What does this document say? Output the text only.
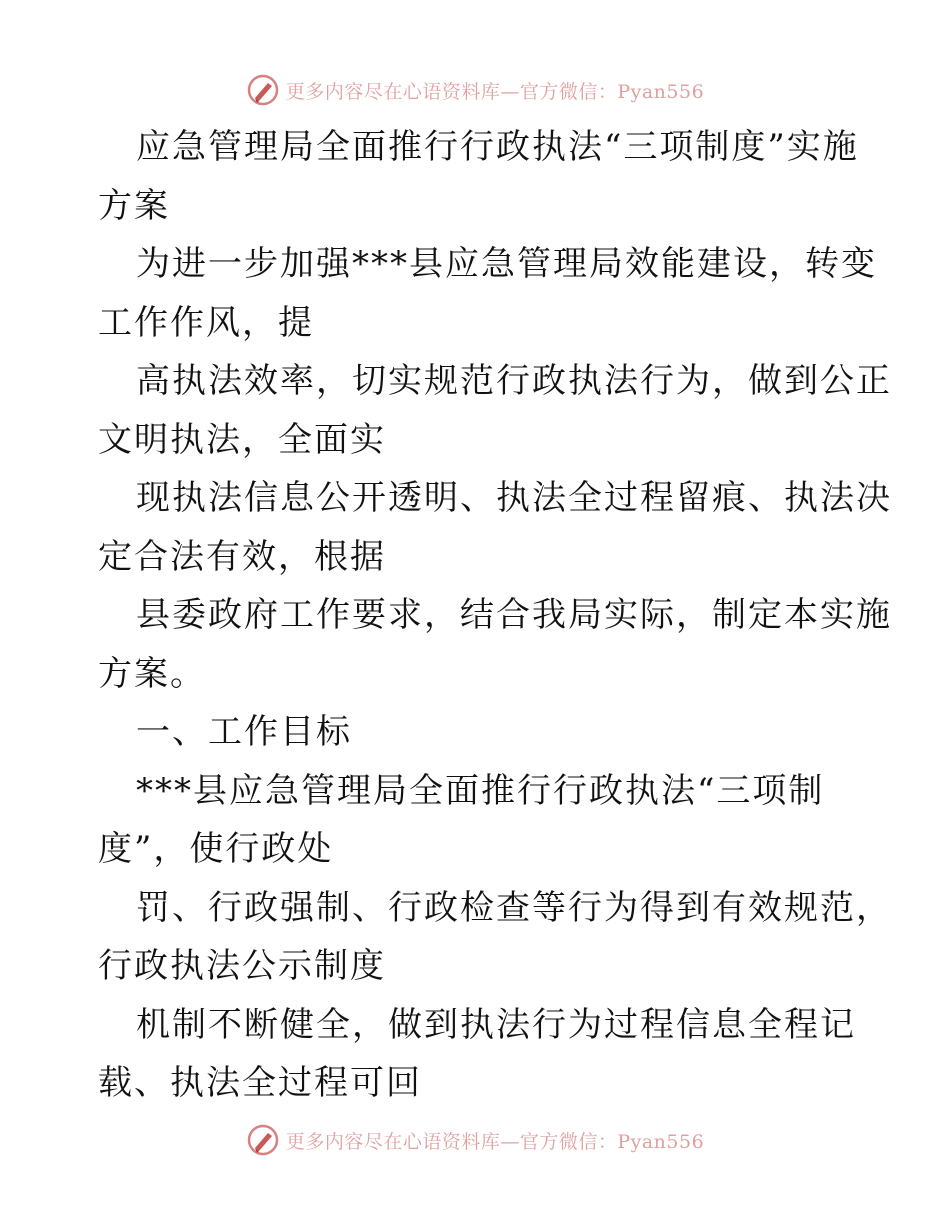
更多内容尽在心语资料库—官方微信：Pyan556
应急管理局全面推行行政执法“三项制度”实施
方案
为进一步加强***县应急管理局效能建设，转变
工作作风，提
高执法效率，切实规范行政执法行为，做到公正
文明执法，全面实
现执法信息公开透明、执法全过程留痕、执法决
定合法有效，根据
县委政府工作要求，结合我局实际，制定本实施
方案。
一、工作目标
***县应急管理局全面推行行政执法“三项制
度”，使行政处
罚、行政强制、行政检查等行为得到有效规范，
行政执法公示制度
机制不断健全，做到执法行为过程信息全程记
载、执法全过程可回
更多内容尽在心语资料库—官方微信：Pyan556
